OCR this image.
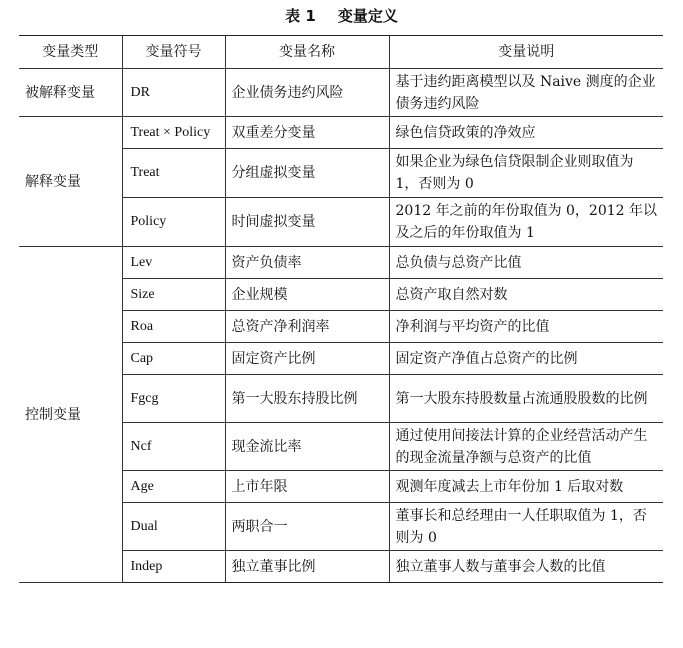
表 1 变量定义
变量类型	变量符号	变量名称	变量说明
被解释变量	DR	企业债务违约风险	基于违约距离模型以及 Naive 测度的企业债务违约风险
解释变量	Treat × Policy	双重差分变量	绿色信贷政策的净效应
	Treat	分组虚拟变量	如果企业为绿色信贷限制企业则取值为 1，否则为 0
	Policy	时间虚拟变量	2012 年之前的年份取值为 0，2012 年以及之后的年份取值为 1
控制变量	Lev	资产负债率	总负债与总资产比值
	Size	企业规模	总资产取自然对数
	Roa	总资产净利润率	净利润与平均资产的比值
	Cap	固定资产比例	固定资产净值占总资产的比例
	Fgcg	第一大股东持股比例	第一大股东持股数量占流通股股数的比例
	Ncf	现金流比率	通过使用间接法计算的企业经营活动产生的现金流量净额与总资产的比值
	Age	上市年限	观测年度减去上市年份加 1 后取对数
	Dual	两职合一	董事长和总经理由一人任职取值为 1，否则为 0
	Indep	独立董事比例	独立董事人数与董事会人数的比值
